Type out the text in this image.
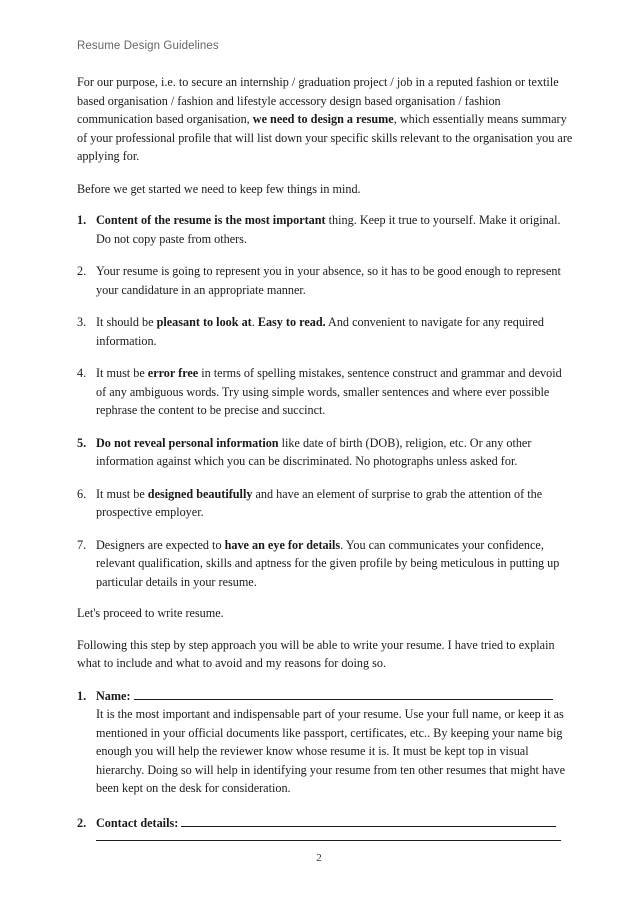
Resume Design Guidelines

For our purpose, i.e. to secure an internship / graduation project / job in a reputed fashion or textile based organisation / fashion and lifestyle accessory design based organisation / fashion communication based organisation, we need to design a resume, which essentially means summary of your professional profile that will list down your specific skills relevant to the organisation you are applying for.

Before we get started we need to keep few things in mind.

1. Content of the resume is the most important thing. Keep it true to yourself. Make it original. Do not copy paste from others.
2. Your resume is going to represent you in your absence, so it has to be good enough to represent your candidature in an appropriate manner.
3. It should be pleasant to look at. Easy to read. And convenient to navigate for any required information.
4. It must be error free in terms of spelling mistakes, sentence construct and grammar and devoid of any ambiguous words. Try using simple words, smaller sentences and where ever possible rephrase the content to be precise and succinct.
5. Do not reveal personal information like date of birth (DOB), religion, etc. Or any other information against which you can be discriminated. No photographs unless asked for.
6. It must be designed beautifully and have an element of surprise to grab the attention of the prospective employer.
7. Designers are expected to have an eye for details. You can communicates your confidence, relevant qualification, skills and aptness for the given profile by being meticulous in putting up particular details in your resume.

Let's proceed to write resume.

Following this step by step approach you will be able to write your resume. I have tried to explain what to include and what to avoid and my reasons for doing so.

1. Name:
It is the most important and indispensable part of your resume. Use your full name, or keep it as mentioned in your official documents like passport, certificates, etc.. By keeping your name big enough you will help the reviewer know whose resume it is. It must be kept top in visual hierarchy. Doing so will help in identifying your resume from ten other resumes that might have been kept on the desk for consideration.
2. Contact details:
2
